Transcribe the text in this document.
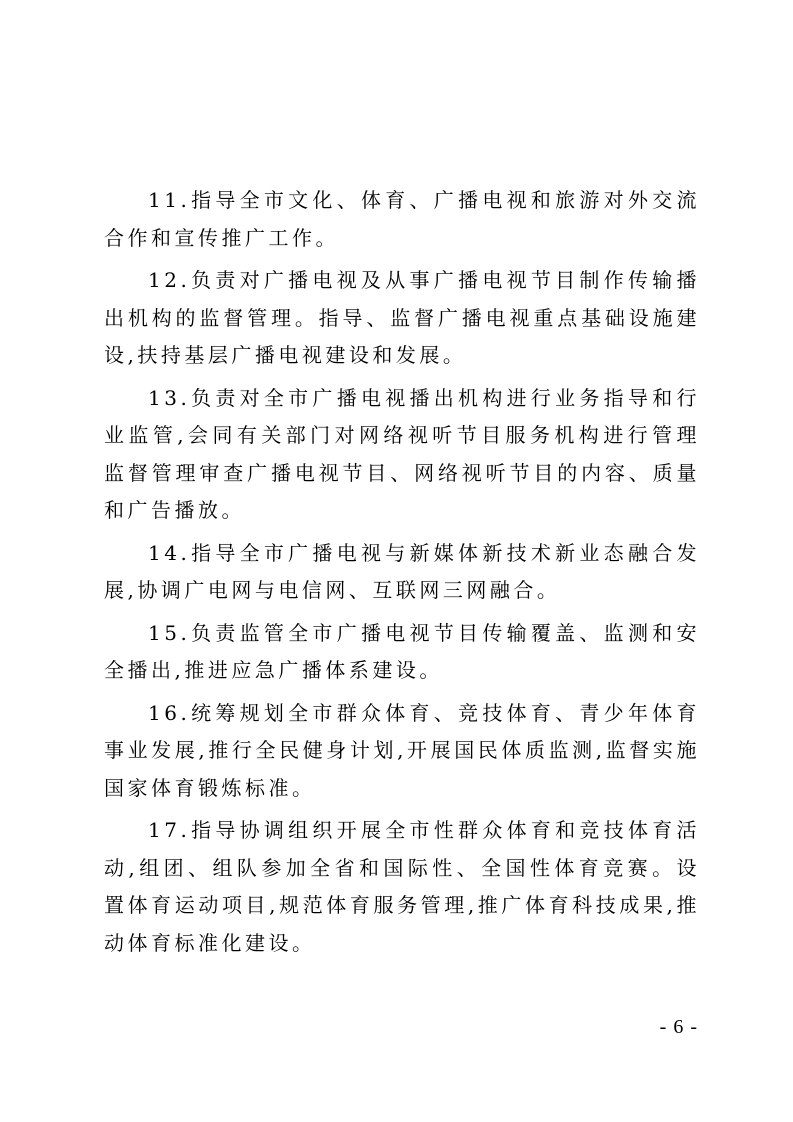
11.指导全市文化、体育、广播电视和旅游对外交流合作和宣传推广工作。

12.负责对广播电视及从事广播电视节目制作传输播出机构的监督管理。指导、监督广播电视重点基础设施建设,扶持基层广播电视建设和发展。

13.负责对全市广播电视播出机构进行业务指导和行业监管,会同有关部门对网络视听节目服务机构进行管理监督管理审查广播电视节目、网络视听节目的内容、质量和广告播放。

14.指导全市广播电视与新媒体新技术新业态融合发展,协调广电网与电信网、互联网三网融合。

15.负责监管全市广播电视节目传输覆盖、监测和安全播出,推进应急广播体系建设。

16.统筹规划全市群众体育、竞技体育、青少年体育事业发展,推行全民健身计划,开展国民体质监测,监督实施国家体育锻炼标准。

17.指导协调组织开展全市性群众体育和竞技体育活动,组团、组队参加全省和国际性、全国性体育竞赛。设置体育运动项目,规范体育服务管理,推广体育科技成果,推动体育标准化建设。

- 6 -
